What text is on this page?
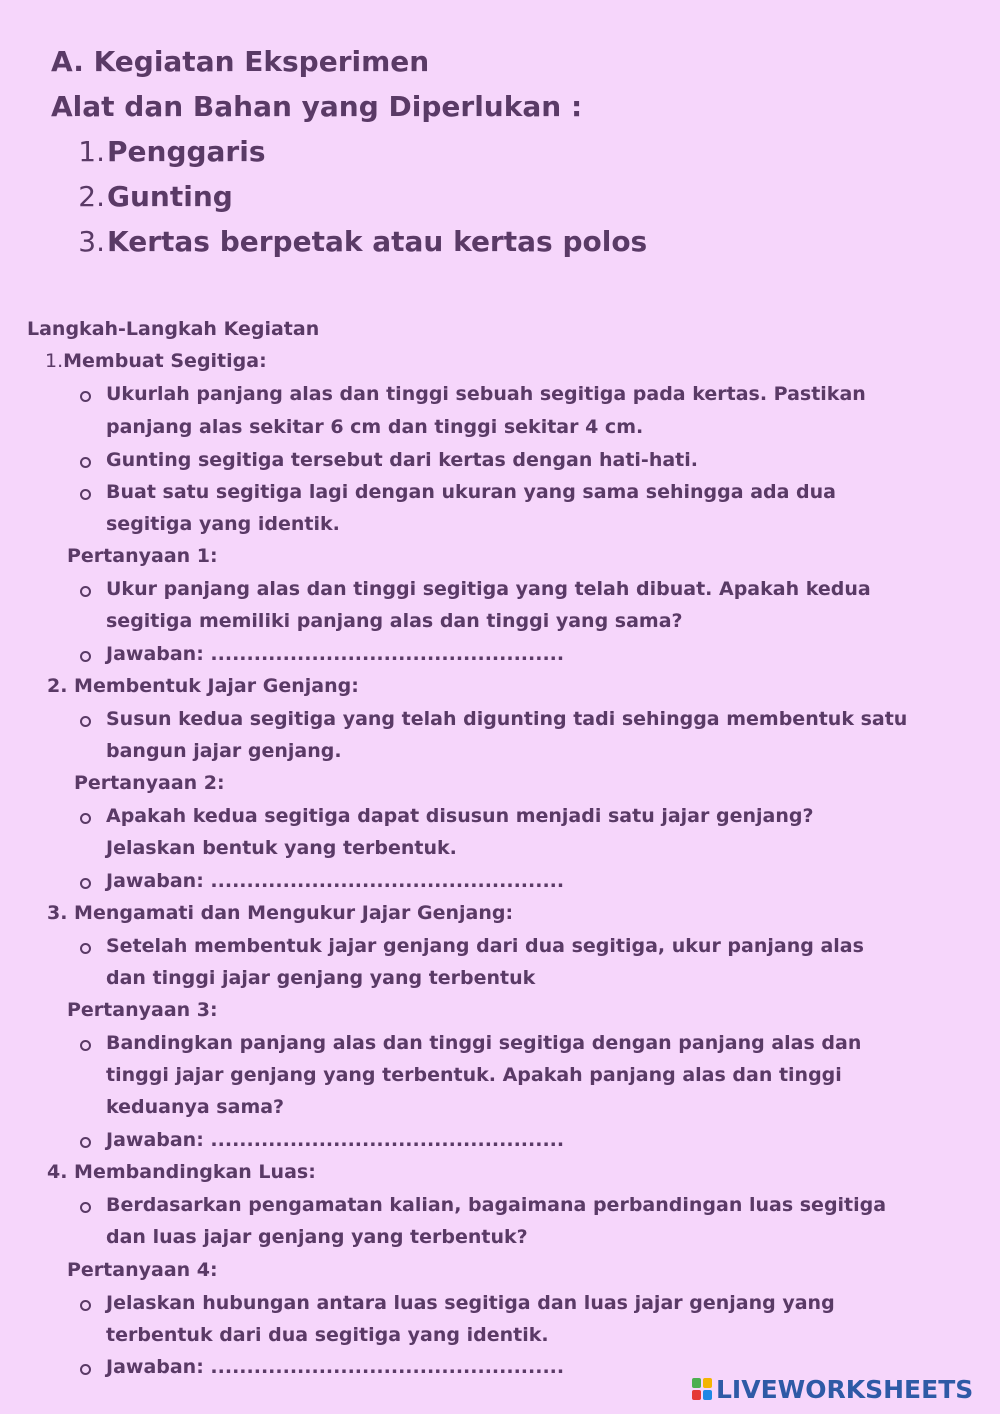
A. Kegiatan Eksperimen
Alat dan Bahan yang Diperlukan :
1.Penggaris
2.Gunting
3.Kertas berpetak atau kertas polos
Langkah-Langkah Kegiatan
1.Membuat Segitiga:
Ukurlah panjang alas dan tinggi sebuah segitiga pada kertas. Pastikan
panjang alas sekitar 6 cm dan tinggi sekitar 4 cm.
Gunting segitiga tersebut dari kertas dengan hati-hati.
Buat satu segitiga lagi dengan ukuran yang sama sehingga ada dua
segitiga yang identik.
Pertanyaan 1:
Ukur panjang alas dan tinggi segitiga yang telah dibuat. Apakah kedua
segitiga memiliki panjang alas dan tinggi yang sama?
Jawaban: .................................................
2. Membentuk Jajar Genjang:
Susun kedua segitiga yang telah digunting tadi sehingga membentuk satu
bangun jajar genjang.
Pertanyaan 2:
Apakah kedua segitiga dapat disusun menjadi satu jajar genjang?
Jelaskan bentuk yang terbentuk.
Jawaban: .................................................
3. Mengamati dan Mengukur Jajar Genjang:
Setelah membentuk jajar genjang dari dua segitiga, ukur panjang alas
dan tinggi jajar genjang yang terbentuk
Pertanyaan 3:
Bandingkan panjang alas dan tinggi segitiga dengan panjang alas dan
tinggi jajar genjang yang terbentuk. Apakah panjang alas dan tinggi
keduanya sama?
Jawaban: .................................................
4. Membandingkan Luas:
Berdasarkan pengamatan kalian, bagaimana perbandingan luas segitiga
dan luas jajar genjang yang terbentuk?
Pertanyaan 4:
Jelaskan hubungan antara luas segitiga dan luas jajar genjang yang
terbentuk dari dua segitiga yang identik.
Jawaban: .................................................
LIVEWORKSHEETS
